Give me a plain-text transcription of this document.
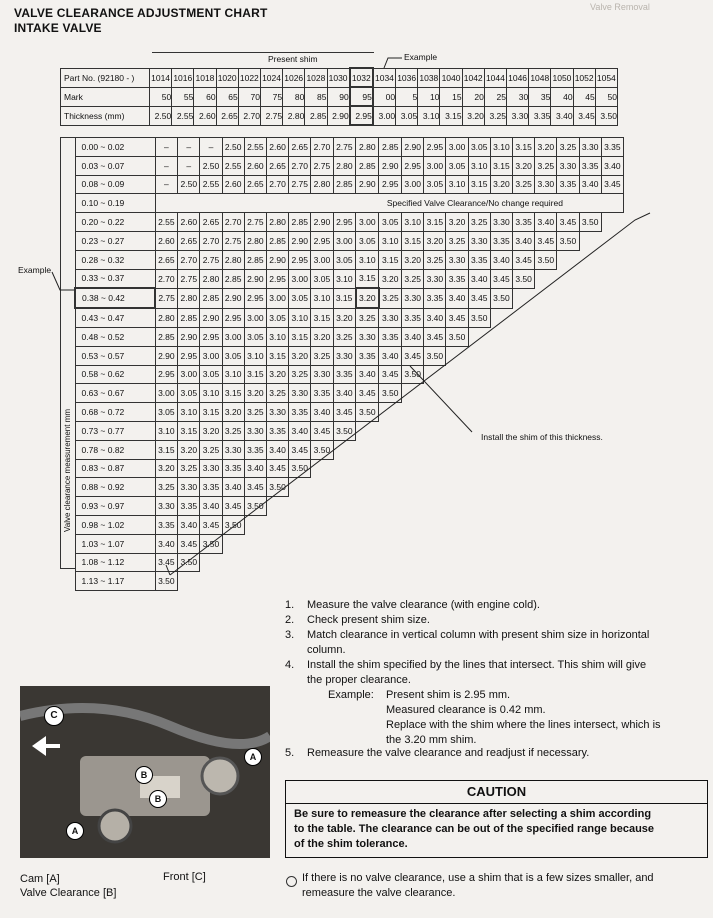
VALVE CLEARANCE ADJUSTMENT CHART
INTAKE VALVE
Valve Removal
Present shim	Example
Part No. (92180 - )	1014	1016	1018	1020	1022	1024	1026	1028	1030	1032	1034	1036	1038	1040	1042	1044	1046	1048	1050	1052	1054
Mark	50	55	60	65	70	75	80	85	90	95	00	5	10	15	20	25	30	35	40	45	50
Thickness (mm)	2.50	2.55	2.60	2.65	2.70	2.75	2.80	2.85	2.90	2.95	3.00	3.05	3.10	3.15	3.20	3.25	3.30	3.35	3.40	3.45	3.50
0.00 ~ 0.02	–	–	–	2.50	2.55	2.60	2.65	2.70	2.75	2.80	2.85	2.90	2.95	3.00	3.05	3.10	3.15	3.20	3.25	3.30	3.35
0.03 ~ 0.07	–	–	2.50	2.55	2.60	2.65	2.70	2.75	2.80	2.85	2.90	2.95	3.00	3.05	3.10	3.15	3.20	3.25	3.30	3.35	3.40
0.08 ~ 0.09	–	2.50	2.55	2.60	2.65	2.70	2.75	2.80	2.85	2.90	2.95	3.00	3.05	3.10	3.15	3.20	3.25	3.30	3.35	3.40	3.45
0.10 ~ 0.19	Specified Valve Clearance/No change required																				
0.20 ~ 0.22	2.55	2.60	2.65	2.70	2.75	2.80	2.85	2.90	2.95	3.00	3.05	3.10	3.15	3.20	3.25	3.30	3.35	3.40	3.45	3.50	
0.23 ~ 0.27	2.60	2.65	2.70	2.75	2.80	2.85	2.90	2.95	3.00	3.05	3.10	3.15	3.20	3.25	3.30	3.35	3.40	3.45	3.50		
0.28 ~ 0.32	2.65	2.70	2.75	2.80	2.85	2.90	2.95	3.00	3.05	3.10	3.15	3.20	3.25	3.30	3.35	3.40	3.45	3.50			
0.33 ~ 0.37	2.70	2.75	2.80	2.85	2.90	2.95	3.00	3.05	3.10	3.15	3.20	3.25	3.30	3.35	3.40	3.45	3.50				
0.38 ~ 0.42	2.75	2.80	2.85	2.90	2.95	3.00	3.05	3.10	3.15	3.20	3.25	3.30	3.35	3.40	3.45	3.50					
0.43 ~ 0.47	2.80	2.85	2.90	2.95	3.00	3.05	3.10	3.15	3.20	3.25	3.30	3.35	3.40	3.45	3.50						
0.48 ~ 0.52	2.85	2.90	2.95	3.00	3.05	3.10	3.15	3.20	3.25	3.30	3.35	3.40	3.45	3.50							
0.53 ~ 0.57	2.90	2.95	3.00	3.05	3.10	3.15	3.20	3.25	3.30	3.35	3.40	3.45	3.50								
0.58 ~ 0.62	2.95	3.00	3.05	3.10	3.15	3.20	3.25	3.30	3.35	3.40	3.45	3.50									
0.63 ~ 0.67	3.00	3.05	3.10	3.15	3.20	3.25	3.30	3.35	3.40	3.45	3.50										
0.68 ~ 0.72	3.05	3.10	3.15	3.20	3.25	3.30	3.35	3.40	3.45	3.50											
0.73 ~ 0.77	3.10	3.15	3.20	3.25	3.30	3.35	3.40	3.45	3.50												
0.78 ~ 0.82	3.15	3.20	3.25	3.30	3.35	3.40	3.45	3.50													
0.83 ~ 0.87	3.20	3.25	3.30	3.35	3.40	3.45	3.50														
0.88 ~ 0.92	3.25	3.30	3.35	3.40	3.45	3.50															
0.93 ~ 0.97	3.30	3.35	3.40	3.45	3.50																
0.98 ~ 1.02	3.35	3.40	3.45	3.50																	
1.03 ~ 1.07	3.40	3.45	3.50																		
1.08 ~ 1.12	3.45	3.50																			
1.13 ~ 1.17	3.50																				
Valve clearance measurement mm
Example
Install the shim of this thickness.
C
A
B
B
A
Cam [A]
Valve Clearance [B]
Front [C]
1. Measure the valve clearance (with engine cold).
2. Check present shim size.
3. Match clearance in vertical column with present shim size in horizontal
column.
4. Install the shim specified by the lines that intersect. This shim will give
the proper clearance.
Example: Present shim is 2.95 mm.
Measured clearance is 0.42 mm.
Replace with the shim where the lines intersect, which is
the 3.20 mm shim.
5. Remeasure the valve clearance and readjust if necessary.
CAUTION
Be sure to remeasure the clearance after selecting a shim according
to the table. The clearance can be out of the specified range because
of the shim tolerance.
If there is no valve clearance, use a shim that is a few sizes smaller, and
remeasure the valve clearance.
